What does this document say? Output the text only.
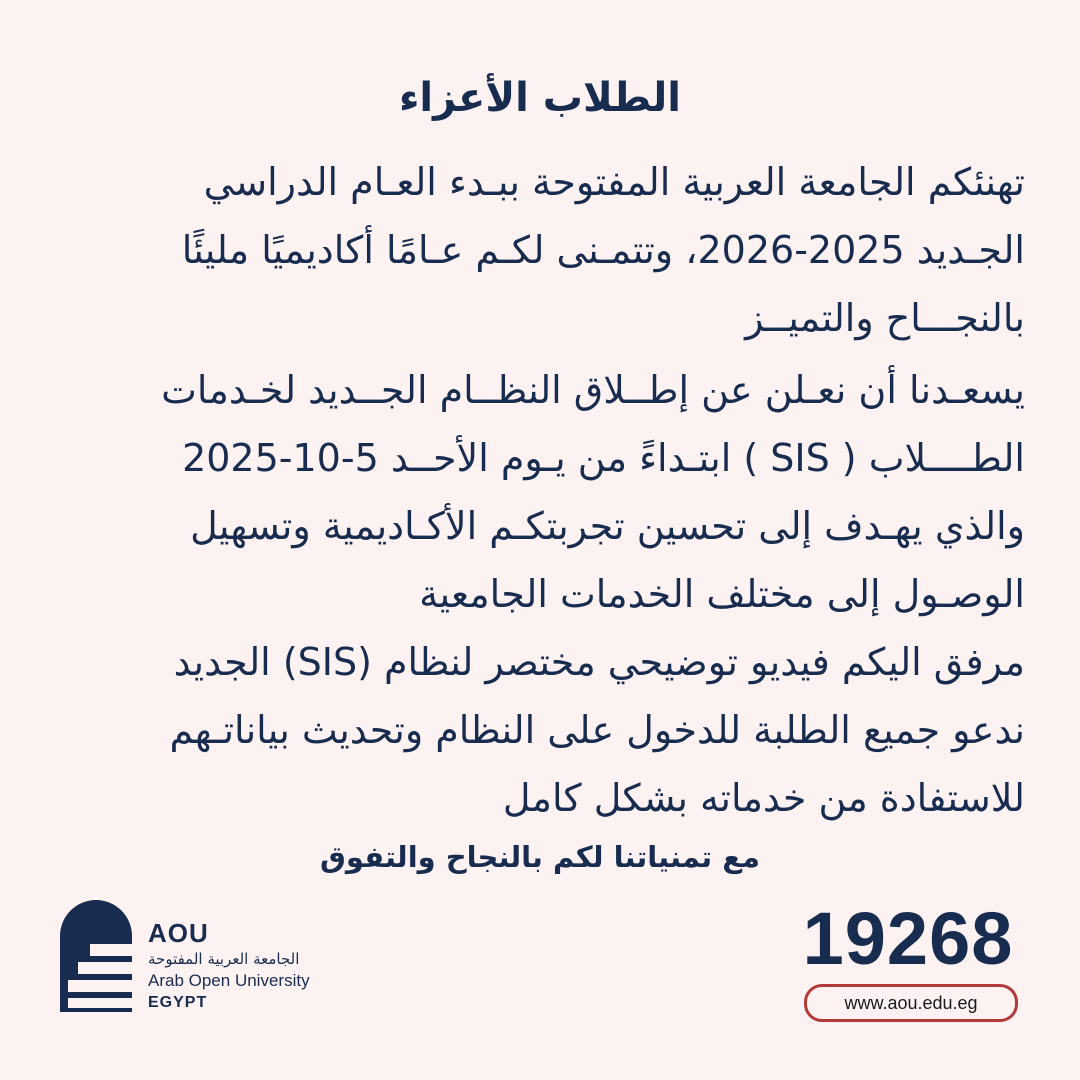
الطلاب الأعزاء
تهنئكم الجامعة العربية المفتوحة ببـدء العـام الدراسي
الجـديد 2025-2026، وتتمـنى لكـم عـامًا أكاديميًا مليئًا
بالنجـــاح والتميــز
يسعـدنا أن نعـلن عن إطــلاق النظــام الجــديد لخـدمات
الطــــلاب ( SIS ) ابتـداءً من يـوم الأحــد 5-10-2025
والذي يهـدف إلى تحسين تجربتكـم الأكـاديمية وتسهيل
الوصـول إلى مختلف الخدمات الجامعية
مرفق اليكم فيديو توضيحي مختصر لنظام (SIS) الجديد
ندعو جميع الطلبة للدخول على النظام وتحديث بياناتـهم
للاستفادة من خدماته بشكل كامل
مع تمنياتنا لكم بالنجاح والتفوق
AOU
الجامعة العربية المفتوحة
Arab Open University
EGYPT
19268
www.aou.edu.eg
